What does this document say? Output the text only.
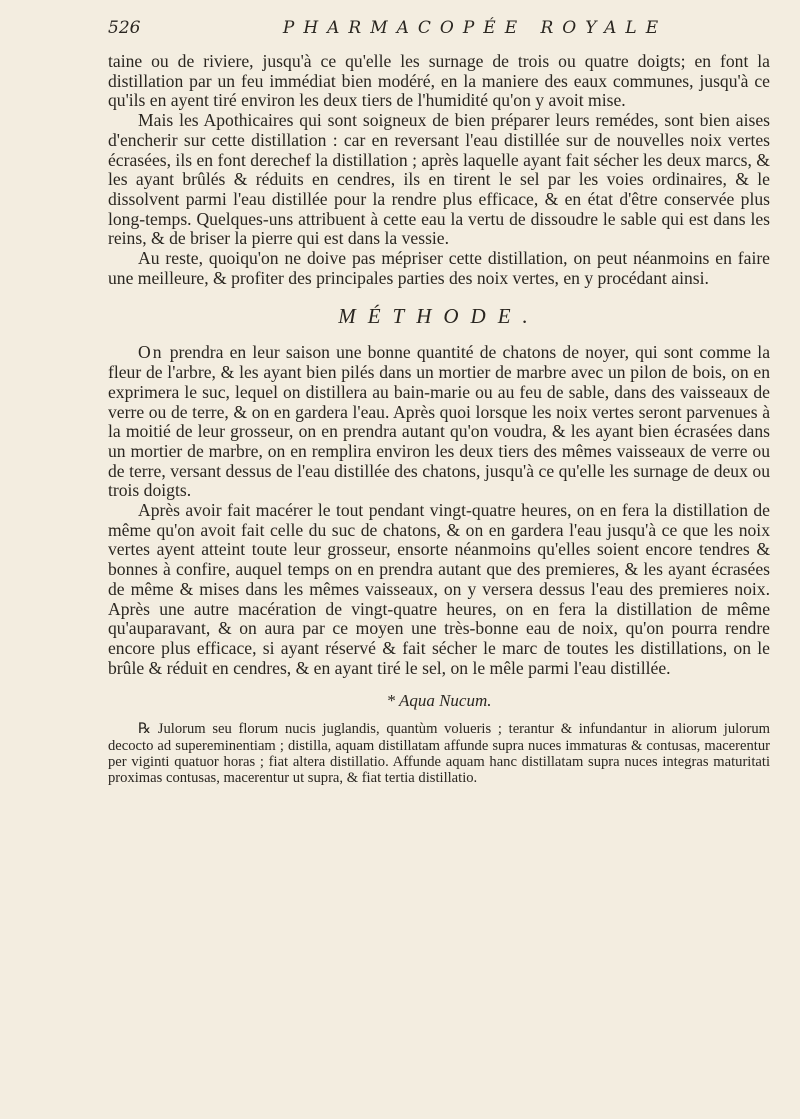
526	PHARMACOPÉE ROYALE

taine ou de riviere, jusqu'à ce qu'elle les surnage de trois ou quatre doigts; en font la distillation par un feu immédiat bien modéré, en la maniere des eaux communes, jusqu'à ce qu'ils en ayent tiré environ les deux tiers de l'humidité qu'on y avoit mise.

Mais les Apothicaires qui sont soigneux de bien préparer leurs remédes, sont bien aises d'encherir sur cette distillation : car en reversant l'eau distillée sur de nouvelles noix vertes écrasées, ils en font derechef la distillation ; après laquelle ayant fait sécher les deux marcs, & les ayant brûlés & réduits en cendres, ils en tirent le sel par les voies ordinaires, & le dissolvent parmi l'eau distillée pour la rendre plus efficace, & en état d'être conservée plus long-temps. Quelques-uns attribuent à cette eau la vertu de dissoudre le sable qui est dans les reins, & de briser la pierre qui est dans la vessie.

Au reste, quoiqu'on ne doive pas mépriser cette distillation, on peut néanmoins en faire une meilleure, & profiter des principales parties des noix vertes, en y procédant ainsi.

MÉTHODE.

On prendra en leur saison une bonne quantité de chatons de noyer, qui sont comme la fleur de l'arbre, & les ayant bien pilés dans un mortier de marbre avec un pilon de bois, on en exprimera le suc, lequel on distillera au bain-marie ou au feu de sable, dans des vaisseaux de verre ou de terre, & on en gardera l'eau. Après quoi lorsque les noix vertes seront parvenues à la moitié de leur grosseur, on en prendra autant qu'on voudra, & les ayant bien écrasées dans un mortier de marbre, on en remplira environ les deux tiers des mêmes vaisseaux de verre ou de terre, versant dessus de l'eau distillée des chatons, jusqu'à ce qu'elle les surnage de deux ou trois doigts.

Après avoir fait macérer le tout pendant vingt-quatre heures, on en fera la distillation de même qu'on avoit fait celle du suc de chatons, & on en gardera l'eau jusqu'à ce que les noix vertes ayent atteint toute leur grosseur, ensorte néanmoins qu'elles soient encore tendres & bonnes à confire, auquel temps on en prendra autant que des premieres, & les ayant écrasées de même & mises dans les mêmes vaisseaux, on y versera dessus l'eau des premieres noix. Après une autre macération de vingt-quatre heures, on en fera la distillation de même qu'auparavant, & on aura par ce moyen une très-bonne eau de noix, qu'on pourra rendre encore plus efficace, si ayant réservé & fait sécher le marc de toutes les distillations, on le brûle & réduit en cendres, & en ayant tiré le sel, on le mêle parmi l'eau distillée.

* Aqua Nucum.

℞ Julorum seu florum nucis juglandis, quantùm volueris ; terantur & infundantur in aliorum julorum decocto ad supereminentiam ; distilla, aquam distillatam affunde supra nuces immaturas & contusas, macerentur per viginti quatuor horas ; fiat altera distillatio. Affunde aquam hanc distillatam supra nuces integras maturitati proximas contusas, macerentur ut supra, & fiat tertia distillatio.
